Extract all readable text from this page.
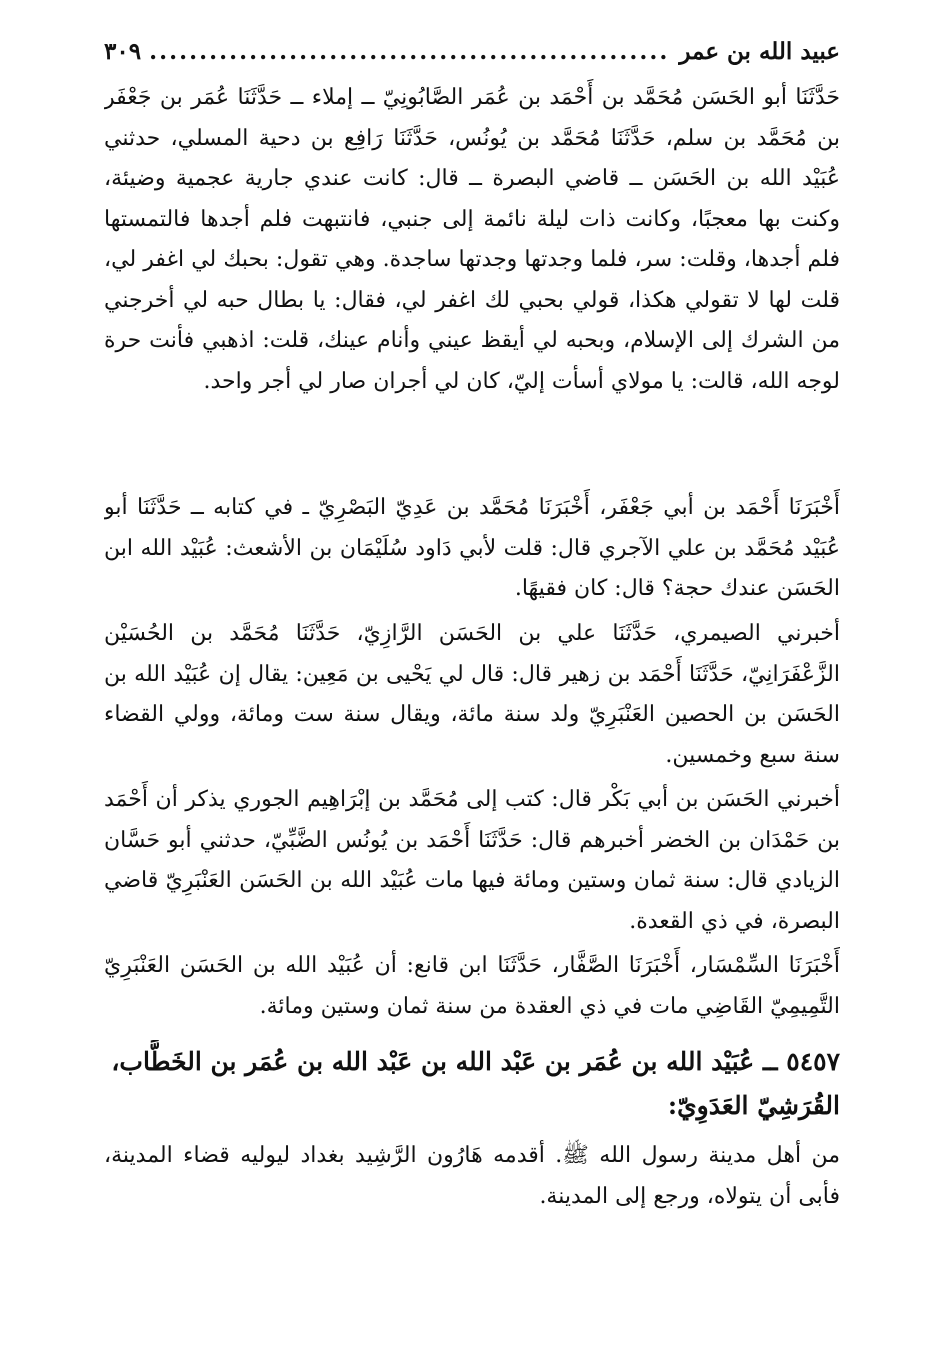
عبيد الله بن عمر
.....
٣٠٩

حَدَّثَنَا أبو الحَسَن مُحَمَّد بن أَحْمَد بن عُمَر الصَّابُونِيّ ــ إملاء ــ حَدَّثَنَا عُمَر بن جَعْفَر بن مُحَمَّد بن سلم، حَدَّثَنَا مُحَمَّد بن يُونُس، حَدَّثَنَا رَافِع بن دحية المسلي، حدثني عُبَيْد الله بن الحَسَن ــ قاضي البصرة ــ قال: كانت عندي جارية عجمية وضيئة، وكنت بها معجبًا، وكانت ذات ليلة نائمة إلى جنبي، فانتبهت فلم أجدها فالتمستها فلم أجدها، وقلت: سر، فلما وجدتها وجدتها ساجدة. وهي تقول: بحبك لي اغفر لي، قلت لها لا تقولي هكذا، قولي بحبي لك اغفر لي، فقال: يا بطال حبه لي أخرجني من الشرك إلى الإسلام، وبحبه لي أيقظ عيني وأنام عينك، قلت: اذهبي فأنت حرة لوجه الله، قالت: يا مولاي أسأت إليّ، كان لي أجران صار لي أجر واحد.

أَخْبَرَنَا أَحْمَد بن أبي جَعْفَر، أَخْبَرَنَا مُحَمَّد بن عَدِيّ البَصْرِيّ ـ في كتابه ــ حَدَّثَنَا أبو عُبَيْد مُحَمَّد بن علي الآجري قال: قلت لأبي دَاود سُلَيْمَان بن الأشعث: عُبَيْد الله ابن الحَسَن عندك حجة؟ قال: كان فقيهًا.

أخبرني الصيمري، حَدَّثَنَا علي بن الحَسَن الرَّازِيّ، حَدَّثَنَا مُحَمَّد بن الحُسَيْن الزَّعْفَرَانِيّ، حَدَّثَنَا أَحْمَد بن زهير قال: قال لي يَحْيى بن مَعِين: يقال إن عُبَيْد الله بن الحَسَن بن الحصين العَنْبَرِيّ ولد سنة مائة، ويقال سنة ست ومائة، وولي القضاء سنة سبع وخمسين.

أخبرني الحَسَن بن أبي بَكْر قال: كتب إلى مُحَمَّد بن إبْرَاهِيم الجوري يذكر أن أَحْمَد بن حَمْدَان بن الخضر أخبرهم قال: حَدَّثَنَا أَحْمَد بن يُونُس الضَّبِّيّ، حدثني أبو حَسَّان الزيادي قال: سنة ثمان وستين ومائة فيها مات عُبَيْد الله بن الحَسَن العَنْبَرِيّ قاضي البصرة، في ذي القعدة.

أَخْبَرَنَا السِّمْسَار، أَخْبَرَنَا الصَّفَّار، حَدَّثَنَا ابن قانع: أن عُبَيْد الله بن الحَسَن العَنْبَرِيّ التَّمِيمِيّ القَاضِي مات في ذي العقدة من سنة ثمان وستين ومائة.

٥٤٥٧ ــ عُبَيْد الله بن عُمَر بن عَبْد الله بن عَبْد الله بن عُمَر بن الخَطَّاب، القُرَشِيّ العَدَوِيّ:

من أهل مدينة رسول الله ﷺ. أقدمه هَارُون الرَّشِيد بغداد ليوليه قضاء المدينة، فأبى أن يتولاه، ورجع إلى المدينة.
